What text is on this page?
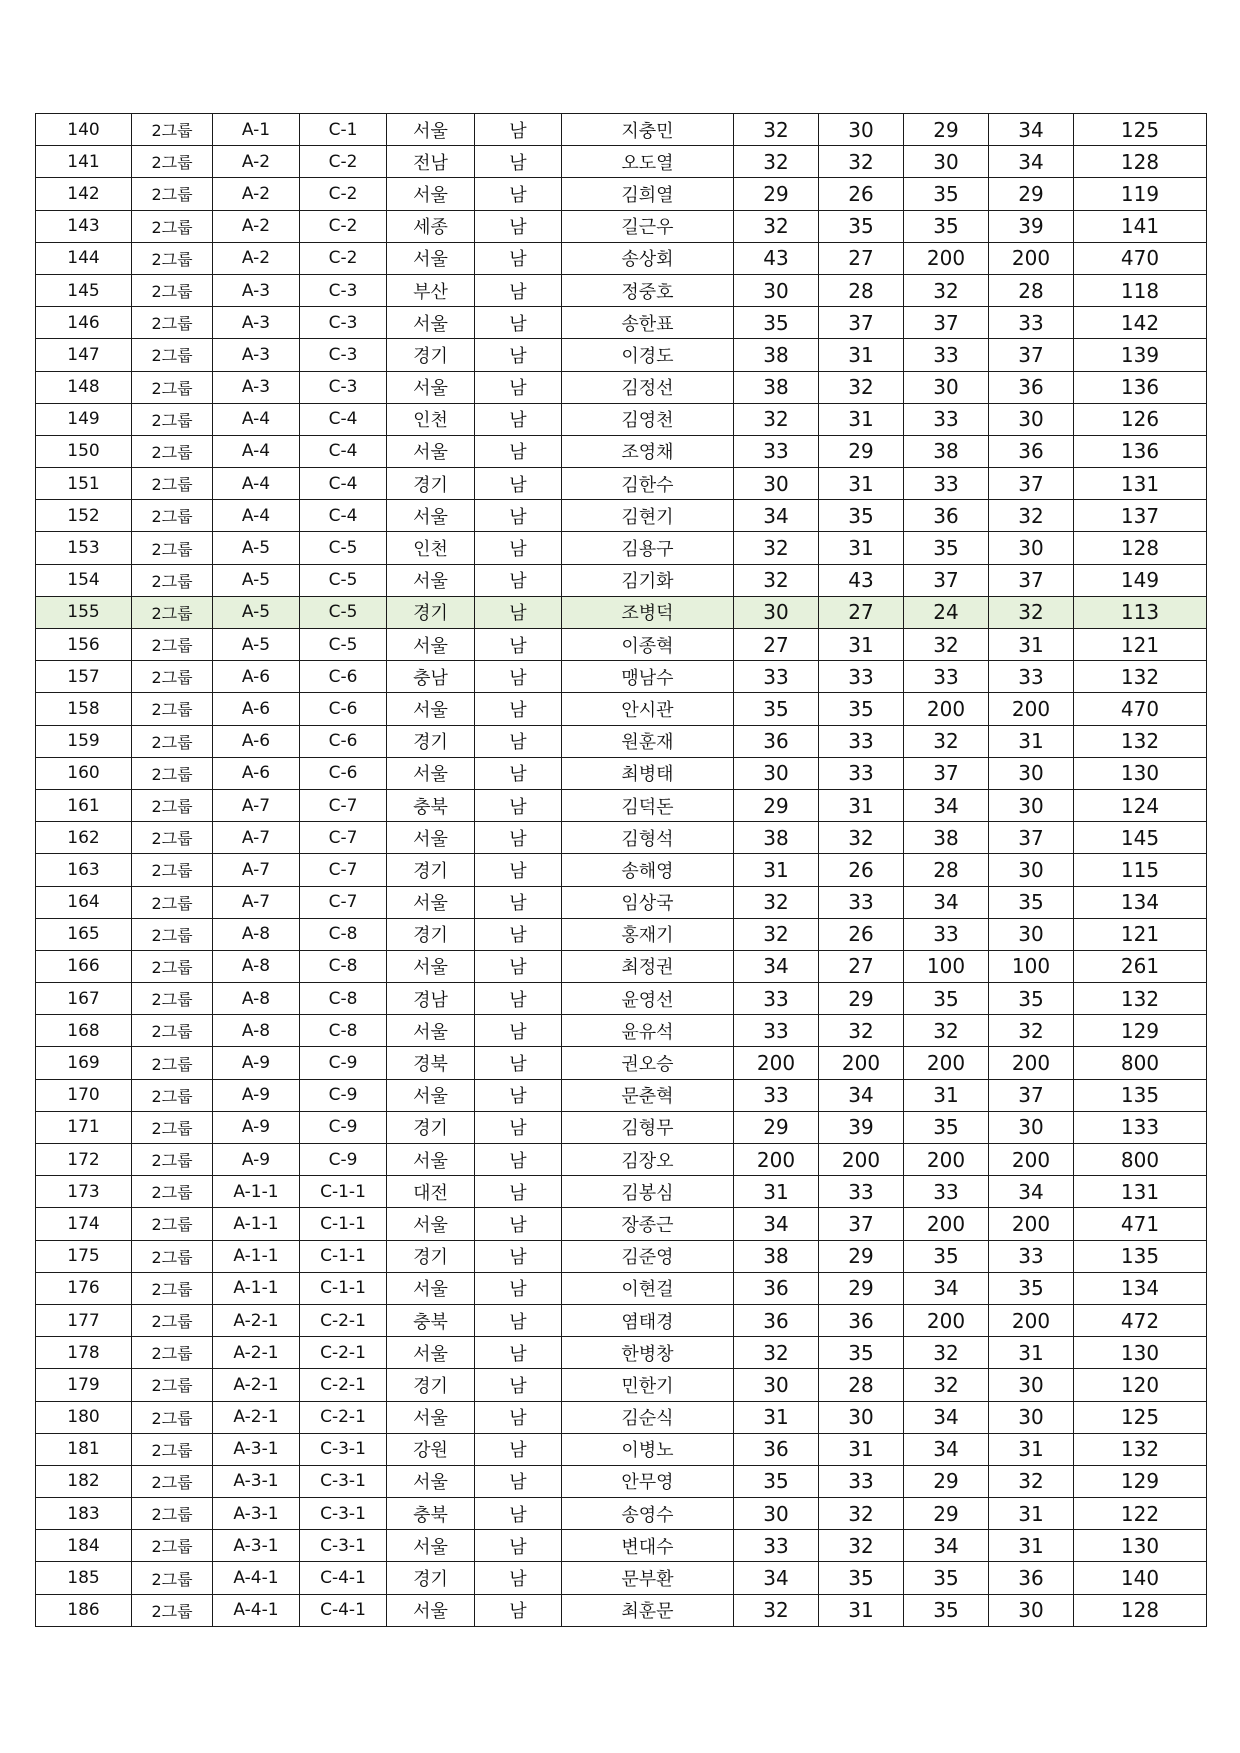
140	2그룹	A-1	C-1	서울	남	지충민	32	30	29	34	125
141	2그룹	A-2	C-2	전남	남	오도열	32	32	30	34	128
142	2그룹	A-2	C-2	서울	남	김희열	29	26	35	29	119
143	2그룹	A-2	C-2	세종	남	길근우	32	35	35	39	141
144	2그룹	A-2	C-2	서울	남	송상회	43	27	200	200	470
145	2그룹	A-3	C-3	부산	남	정중호	30	28	32	28	118
146	2그룹	A-3	C-3	서울	남	송한표	35	37	37	33	142
147	2그룹	A-3	C-3	경기	남	이경도	38	31	33	37	139
148	2그룹	A-3	C-3	서울	남	김정선	38	32	30	36	136
149	2그룹	A-4	C-4	인천	남	김영천	32	31	33	30	126
150	2그룹	A-4	C-4	서울	남	조영채	33	29	38	36	136
151	2그룹	A-4	C-4	경기	남	김한수	30	31	33	37	131
152	2그룹	A-4	C-4	서울	남	김현기	34	35	36	32	137
153	2그룹	A-5	C-5	인천	남	김용구	32	31	35	30	128
154	2그룹	A-5	C-5	서울	남	김기화	32	43	37	37	149
155	2그룹	A-5	C-5	경기	남	조병덕	30	27	24	32	113
156	2그룹	A-5	C-5	서울	남	이종혁	27	31	32	31	121
157	2그룹	A-6	C-6	충남	남	맹남수	33	33	33	33	132
158	2그룹	A-6	C-6	서울	남	안시관	35	35	200	200	470
159	2그룹	A-6	C-6	경기	남	원훈재	36	33	32	31	132
160	2그룹	A-6	C-6	서울	남	최병태	30	33	37	30	130
161	2그룹	A-7	C-7	충북	남	김덕돈	29	31	34	30	124
162	2그룹	A-7	C-7	서울	남	김형석	38	32	38	37	145
163	2그룹	A-7	C-7	경기	남	송해영	31	26	28	30	115
164	2그룹	A-7	C-7	서울	남	임상국	32	33	34	35	134
165	2그룹	A-8	C-8	경기	남	홍재기	32	26	33	30	121
166	2그룹	A-8	C-8	서울	남	최정권	34	27	100	100	261
167	2그룹	A-8	C-8	경남	남	윤영선	33	29	35	35	132
168	2그룹	A-8	C-8	서울	남	윤유석	33	32	32	32	129
169	2그룹	A-9	C-9	경북	남	권오승	200	200	200	200	800
170	2그룹	A-9	C-9	서울	남	문춘혁	33	34	31	37	135
171	2그룹	A-9	C-9	경기	남	김형무	29	39	35	30	133
172	2그룹	A-9	C-9	서울	남	김장오	200	200	200	200	800
173	2그룹	A-1-1	C-1-1	대전	남	김봉심	31	33	33	34	131
174	2그룹	A-1-1	C-1-1	서울	남	장종근	34	37	200	200	471
175	2그룹	A-1-1	C-1-1	경기	남	김준영	38	29	35	33	135
176	2그룹	A-1-1	C-1-1	서울	남	이현걸	36	29	34	35	134
177	2그룹	A-2-1	C-2-1	충북	남	염태경	36	36	200	200	472
178	2그룹	A-2-1	C-2-1	서울	남	한병창	32	35	32	31	130
179	2그룹	A-2-1	C-2-1	경기	남	민한기	30	28	32	30	120
180	2그룹	A-2-1	C-2-1	서울	남	김순식	31	30	34	30	125
181	2그룹	A-3-1	C-3-1	강원	남	이병노	36	31	34	31	132
182	2그룹	A-3-1	C-3-1	서울	남	안무영	35	33	29	32	129
183	2그룹	A-3-1	C-3-1	충북	남	송영수	30	32	29	31	122
184	2그룹	A-3-1	C-3-1	서울	남	변대수	33	32	34	31	130
185	2그룹	A-4-1	C-4-1	경기	남	문부환	34	35	35	36	140
186	2그룹	A-4-1	C-4-1	서울	남	최훈문	32	31	35	30	128
